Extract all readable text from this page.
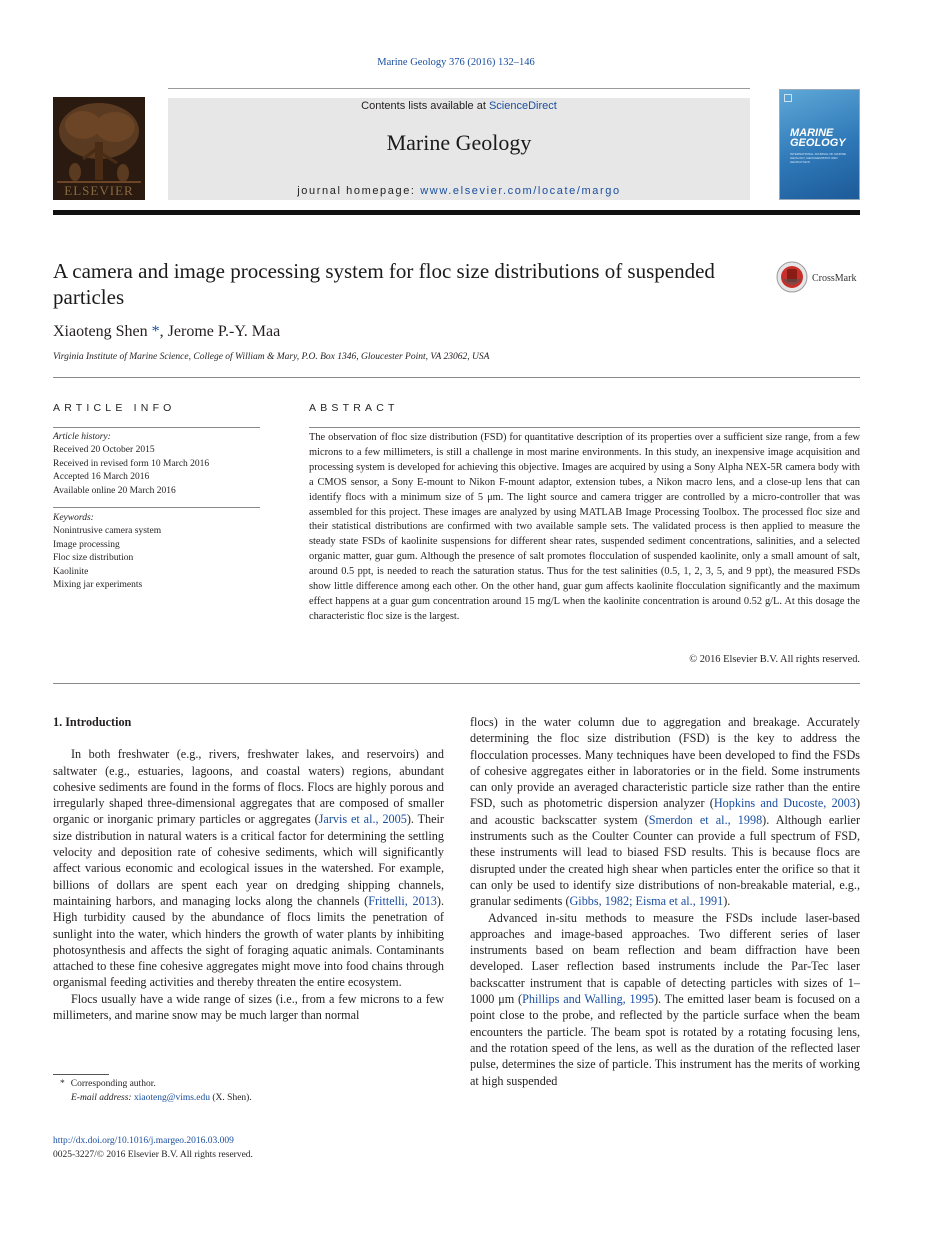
Marine Geology 376 (2016) 132–146
ELSEVIER
Contents lists available at ScienceDirect
Marine Geology
journal homepage: www.elsevier.com/locate/margo
MARINE GEOLOGY
INTERNATIONAL JOURNAL OF MARINE GEOLOGY, GEOCHEMISTRY AND GEOPHYSICS
A camera and image processing system for floc size distributions of suspended particles
CrossMark
Xiaoteng Shen *, Jerome P.-Y. Maa
Virginia Institute of Marine Science, College of William & Mary, P.O. Box 1346, Gloucester Point, VA 23062, USA
ARTICLE INFO	ABSTRACT
Article history:
Received 20 October 2015
Received in revised form 10 March 2016
Accepted 16 March 2016
Available online 20 March 2016
Keywords:
Nonintrusive camera system
Image processing
Floc size distribution
Kaolinite
Mixing jar experiments
The observation of floc size distribution (FSD) for quantitative description of its properties over a sufficient size range, from a few microns to a few millimeters, is still a challenge in most marine environments. In this study, an inexpensive image acquisition and processing system is developed for achieving this objective. Images are acquired by using a Sony Alpha NEX-5R camera body with a CMOS sensor, a Sony E-mount to Nikon F-mount adaptor, extension tubes, a Nikon macro lens, and a close-up lens that can identify flocs with a minimum size of 5 μm. The light source and camera trigger are controlled by a micro-controller that was assembled for this project. These images are analyzed by using MATLAB Image Processing Toolbox. The processed floc size and their statistical distributions are confirmed with two available sample sets. The validated process is then applied to measure the steady state FSDs of kaolinite suspensions for different shear rates, suspended sediment concentrations, salinities, and a selected organic matter, guar gum. Although the presence of salt promotes flocculation of suspended kaolinite, only a small amount of salt, around 0.5 ppt, is needed to reach the saturation status. Thus for the test salinities (0.5, 1, 2, 3, 5, and 9 ppt), the measured FSDs show little difference among each other. On the other hand, guar gum affects kaolinite flocculation significantly and the maximum effect happens at a guar gum concentration around 15 mg/L when the kaolinite concentration is around 0.52 g/L. At this dosage the characteristic floc size is the largest.
© 2016 Elsevier B.V. All rights reserved.
1. Introduction

In both freshwater (e.g., rivers, freshwater lakes, and reservoirs) and saltwater (e.g., estuaries, lagoons, and coastal waters) regions, abundant cohesive sediments are found in the forms of flocs. Flocs are highly porous and irregularly shaped three-dimensional aggregates that are composed of smaller organic or inorganic primary particles or aggregates (Jarvis et al., 2005). Their size distribution in natural waters is a critical factor for determining the settling velocity and deposition rate of cohesive sediments, which will significantly affect various economic and ecological issues in the watershed. For example, billions of dollars are spent each year on dredging shipping channels, maintaining harbors, and managing locks along the channels (Frittelli, 2013). High turbidity caused by the abundance of flocs limits the penetration of sunlight into the water, which hinders the growth of water plants by inhibiting photosynthesis and affects the sight of foraging aquatic animals. Contaminants attached to these fine cohesive aggregates might move into food chains through organismal feeding activities and thereby threaten the entire ecosystem.

Flocs usually have a wide range of sizes (i.e., from a few microns to a few millimeters, and marine snow may be much larger than normal

flocs) in the water column due to aggregation and breakage. Accurately determining the floc size distribution (FSD) is the key to address the flocculation processes. Many techniques have been developed to find the FSDs of cohesive aggregates either in laboratories or in the field. Some instruments can only provide an averaged characteristic particle size rather than the entire FSD, such as photometric dispersion analyzer (Hopkins and Ducoste, 2003) and acoustic backscatter system (Smerdon et al., 1998). Although earlier instruments such as the Coulter Counter can provide a full spectrum of FSD, these instruments will lead to biased FSD results. This is because flocs are disrupted under the created high shear when particles enter the orifice so that it can only be used to identify size distributions of non-breakable material, e.g., granular sediments (Gibbs, 1982; Eisma et al., 1991).

Advanced in-situ methods to measure the FSDs include laser-based approaches and image-based approaches. Two different series of laser instruments based on beam reflection and beam diffraction have been developed. Laser reflection based instruments include the Par-Tec laser backscatter instrument that is capable of detecting particles with sizes of 1–1000 μm (Phillips and Walling, 1995). The emitted laser beam is focused on a point close to the probe, and reflected by the particle surface when the beam encounters the particle. The beam spot is rotated by a rotating focusing lens, and the rotation speed of the lens, as well as the duration of the reflected laser pulse, determines the size of particle. This instrument has the merits of working at high suspended

* Corresponding author.
E-mail address: xiaoteng@vims.edu (X. Shen).
http://dx.doi.org/10.1016/j.margeo.2016.03.009
0025-3227/© 2016 Elsevier B.V. All rights reserved.
